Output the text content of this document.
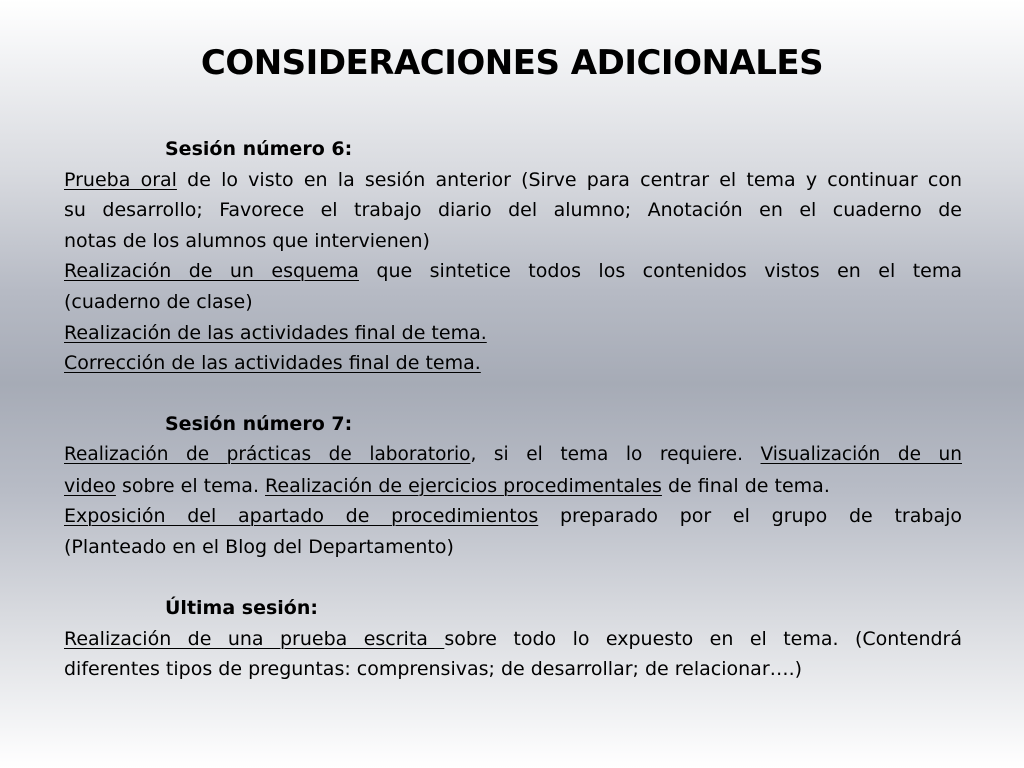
CONSIDERACIONES ADICIONALES
Sesión número 6:
Prueba oral de lo visto en la sesión anterior (Sirve para centrar el tema y continuar con
su desarrollo; Favorece el trabajo diario del alumno; Anotación en el cuaderno de
notas de los alumnos que intervienen)
Realización de un esquema que sintetice todos los contenidos vistos en el tema
(cuaderno de clase)
Realización de las actividades final de tema.
Corrección de las actividades final de tema.
Sesión número 7:
Realización de prácticas de laboratorio, si el tema lo requiere. Visualización de un
video sobre el tema. Realización de ejercicios procedimentales de final de tema.
Exposición del apartado de procedimientos preparado por el grupo de trabajo
(Planteado en el Blog del Departamento)
Última sesión:
Realización de una prueba escrita sobre todo lo expuesto en el tema. (Contendrá
diferentes tipos de preguntas: comprensivas; de desarrollar; de relacionar….)
